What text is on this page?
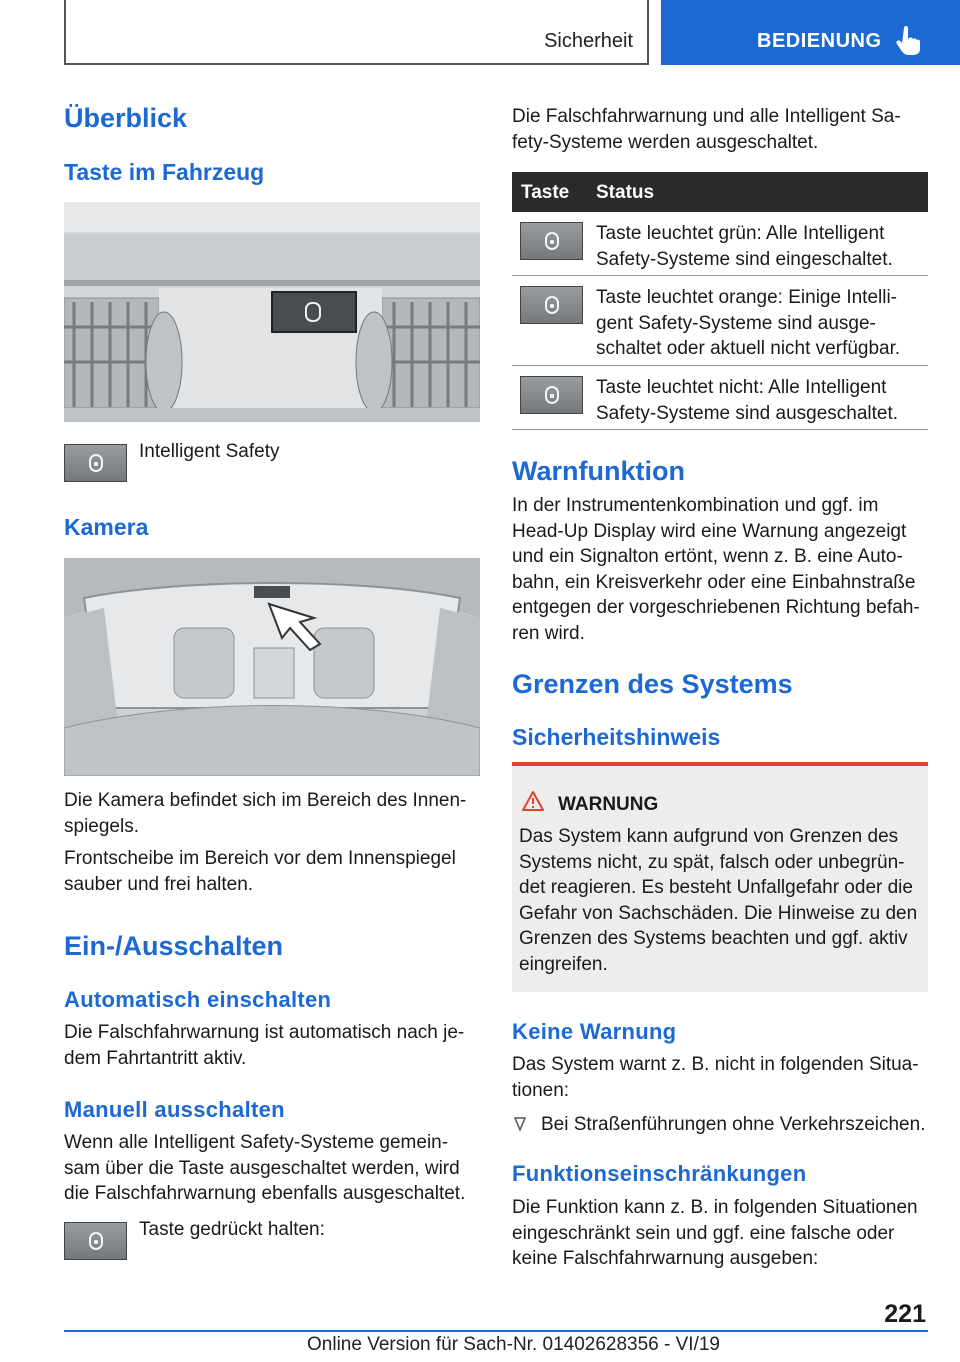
Sicherheit	BEDIENUNG
Überblick
Taste im Fahrzeug
Intelligent Safety
Kamera
Die Kamera befindet sich im Bereich des Innen-
spiegels.
Frontscheibe im Bereich vor dem Innenspiegel
sauber und frei halten.
Ein-/Ausschalten
Automatisch einschalten
Die Falschfahrwarnung ist automatisch nach je-
dem Fahrtantritt aktiv.
Manuell ausschalten
Wenn alle Intelligent Safety-Systeme gemein-
sam über die Taste ausgeschaltet werden, wird
die Falschfahrwarnung ebenfalls ausgeschaltet.
Taste gedrückt halten:
Die Falschfahrwarnung und alle Intelligent Sa-
fety-Systeme werden ausgeschaltet.
Taste Status
Taste leuchtet grün: Alle Intelligent
Safety-Systeme sind eingeschaltet.
Taste leuchtet orange: Einige Intelli-
gent Safety-Systeme sind ausge-
schaltet oder aktuell nicht verfügbar.
Taste leuchtet nicht: Alle Intelligent
Safety-Systeme sind ausgeschaltet.
Warnfunktion
In der Instrumentenkombination und ggf. im
Head-Up Display wird eine Warnung angezeigt
und ein Signalton ertönt, wenn z. B. eine Auto-
bahn, ein Kreisverkehr oder eine Einbahnstraße
entgegen der vorgeschriebenen Richtung befah-
ren wird.
Grenzen des Systems
Sicherheitshinweis
WARNUNG
Das System kann aufgrund von Grenzen des
Systems nicht, zu spät, falsch oder unbegrün-
det reagieren. Es besteht Unfallgefahr oder die
Gefahr von Sachschäden. Die Hinweise zu den
Grenzen des Systems beachten und ggf. aktiv
eingreifen.
Keine Warnung
Das System warnt z. B. nicht in folgenden Situa-
tionen:
Bei Straßenführungen ohne Verkehrszeichen.
Funktionseinschränkungen
Die Funktion kann z. B. in folgenden Situationen
eingeschränkt sein und ggf. eine falsche oder
keine Falschfahrwarnung ausgeben:
221
Online Version für Sach-Nr. 01402628356 - VI/19
